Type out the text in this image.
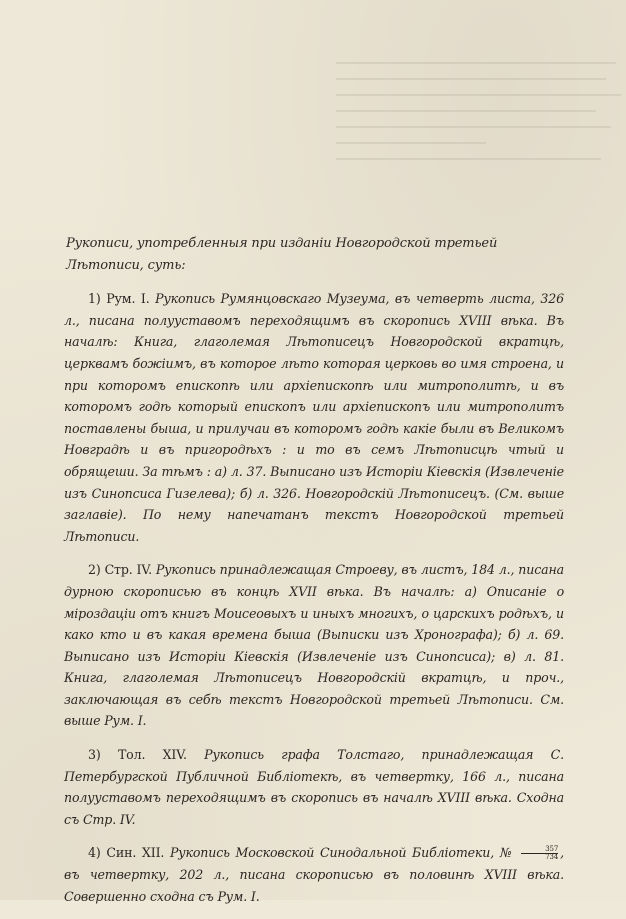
Рукописи, употребленныя при изданіи Новгородской третьей Лѣтописи, суть:

1) Рум. I. Рукопись Румянцовскаго Музеума, въ четверть листа, 326 л., писана полууставомъ переходящимъ въ скоропись XVIII вѣка. Въ началѣ: Книга, глаголемая Лѣтописецъ Новгородской вкратцѣ, церквамъ божіимъ, въ которое лѣто которая церковь во имя строена, и при которомъ епископѣ или архіепископѣ или митрополитѣ, и въ которомъ годѣ который епископъ или архіепископъ или митрополитъ поставлены быша, и прилучаи въ которомъ годѣ какіе были въ Великомъ Новградѣ и въ пригородѣхъ : и то въ семъ Лѣтописцѣ чтый и обрящеши. За тѣмъ : а) л. 37. Выписано изъ Исторіи Кіевскія (Извлеченіе изъ Синопсиса Гизелева); б) л. 326. Новгородскій Лѣтописецъ. (См. выше заглавіе). По нему напечатанъ текстъ Новгородской третьей Лѣтописи.

2) Стр. IV. Рукопись принадлежащая Строеву, въ листъ, 184 л., писана дурною скорописью въ концѣ XVII вѣка. Въ началѣ: а) Описаніе о міроздаціи отъ книгъ Моисеовыхъ и иныхъ многихъ, о царскихъ родѣхъ, и како кто и въ какая времена быша (Выписки изъ Хронографа); б) л. 69. Выписано изъ Исторіи Кіевскія (Извлеченіе изъ Синопсиса); в) л. 81. Книга, глаголемая Лѣтописецъ Новгородскій вкратцѣ, и проч., заключающая въ себѣ текстъ Новгородской третьей Лѣтописи. См. выше Рум. I.

3) Тол. XIV. Рукопись графа Толстаго, принадлежащая С. Петербургской Публичной Библіотекѣ, въ четвертку, 166 л., писана полууставомъ переходящимъ въ скоропись въ началѣ XVIII вѣка. Сходна съ Стр. IV.

4) Син. XII. Рукопись Московской Синодальной Библіотеки, № $\frac{357}{734}$ , въ четвертку, 202 л., писана скорописью въ половинѣ XVIII вѣка. Совершенно сходна съ Рум. I.
